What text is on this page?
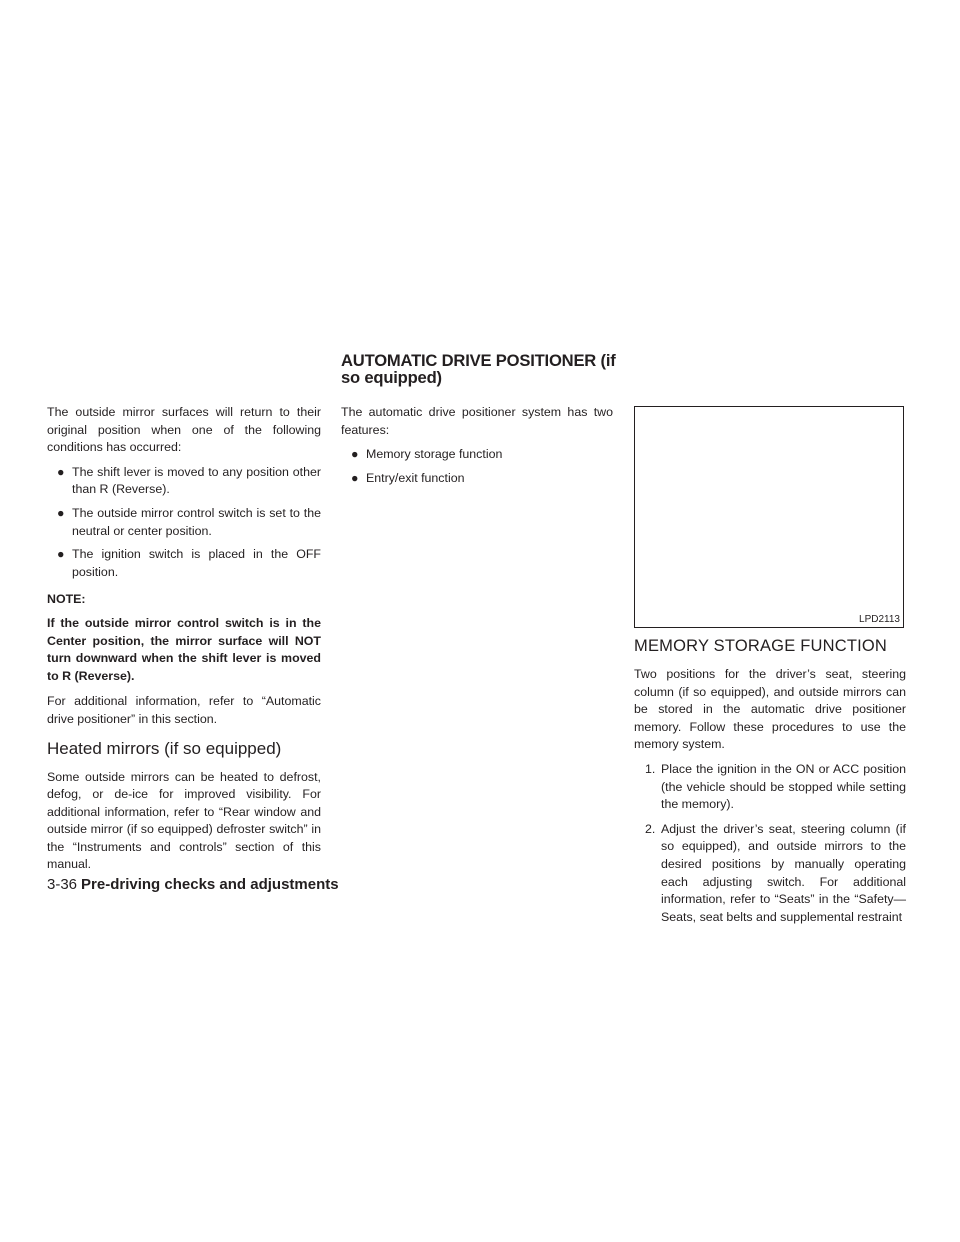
The outside mirror surfaces will return to their original position when one of the following conditions has occurred:

● The shift lever is moved to any position other than R (Reverse).
● The outside mirror control switch is set to the neutral or center position.
● The ignition switch is placed in the OFF position.

NOTE:

If the outside mirror control switch is in the Center position, the mirror surface will NOT turn downward when the shift lever is moved to R (Reverse).

For additional information, refer to “Automatic drive positioner” in this section.

Heated mirrors (if so equipped)

Some outside mirrors can be heated to defrost, defog, or de-ice for improved visibility. For additional information, refer to “Rear window and outside mirror (if so equipped) defroster switch” in the “Instruments and controls” section of this manual.

AUTOMATIC DRIVE POSITIONER (if so equipped)

The automatic drive positioner system has two features:

● Memory storage function
● Entry/exit function
LPD2113
MEMORY STORAGE FUNCTION

Two positions for the driver’s seat, steering column (if so equipped), and outside mirrors can be stored in the automatic drive positioner memory. Follow these procedures to use the memory system.

1. Place the ignition in the ON or ACC position (the vehicle should be stopped while setting the memory).
2. Adjust the driver’s seat, steering column (if so equipped), and outside mirrors to the desired positions by manually operating each adjusting switch. For additional information, refer to “Seats” in the “Safety—Seats, seat belts and supplemental restraint
3-36 Pre-driving checks and adjustments
